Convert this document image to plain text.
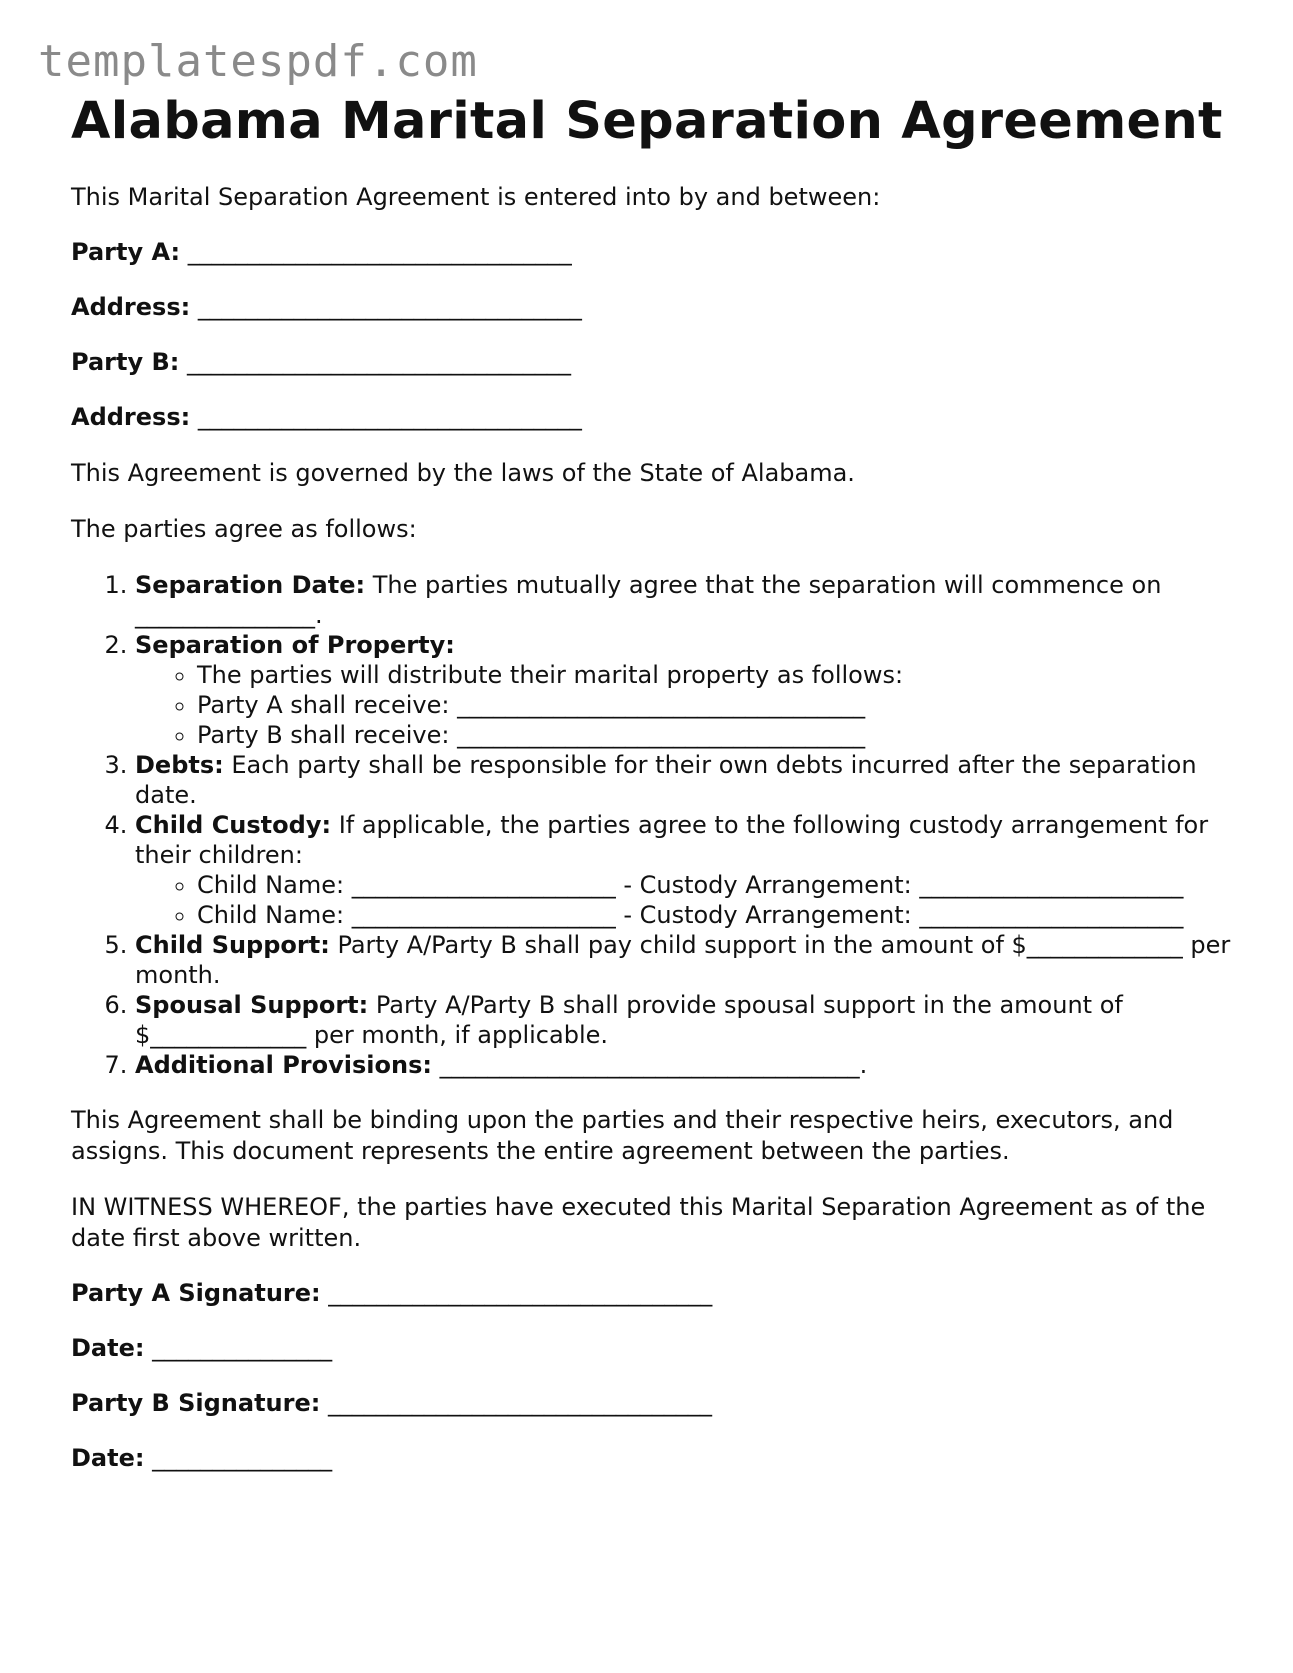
templatespdf.com
Alabama Marital Separation Agreement

This Marital Separation Agreement is entered into by and between:

Party A: ________________________________
Address: ________________________________
Party B: ________________________________
Address: ________________________________

This Agreement is governed by the laws of the State of Alabama.

The parties agree as follows:

1. Separation Date: The parties mutually agree that the separation will commence on _______________.
2. Separation of Property:
◦ The parties will distribute their marital property as follows:
◦ Party A shall receive: __________________________________
◦ Party B shall receive: __________________________________
3. Debts: Each party shall be responsible for their own debts incurred after the separation date.
4. Child Custody: If applicable, the parties agree to the following custody arrangement for their children:
◦ Child Name: ______________________ - Custody Arrangement: ______________________
◦ Child Name: ______________________ - Custody Arrangement: ______________________
5. Child Support: Party A/Party B shall pay child support in the amount of $_____________ per month.
6. Spousal Support: Party A/Party B shall provide spousal support in the amount of $_____________ per month, if applicable.
7. Additional Provisions: ___________________________________.

This Agreement shall be binding upon the parties and their respective heirs, executors, and assigns. This document represents the entire agreement between the parties.

IN WITNESS WHEREOF, the parties have executed this Marital Separation Agreement as of the date first above written.

Party A Signature: ________________________________
Date: _______________
Party B Signature: ________________________________
Date: _______________
